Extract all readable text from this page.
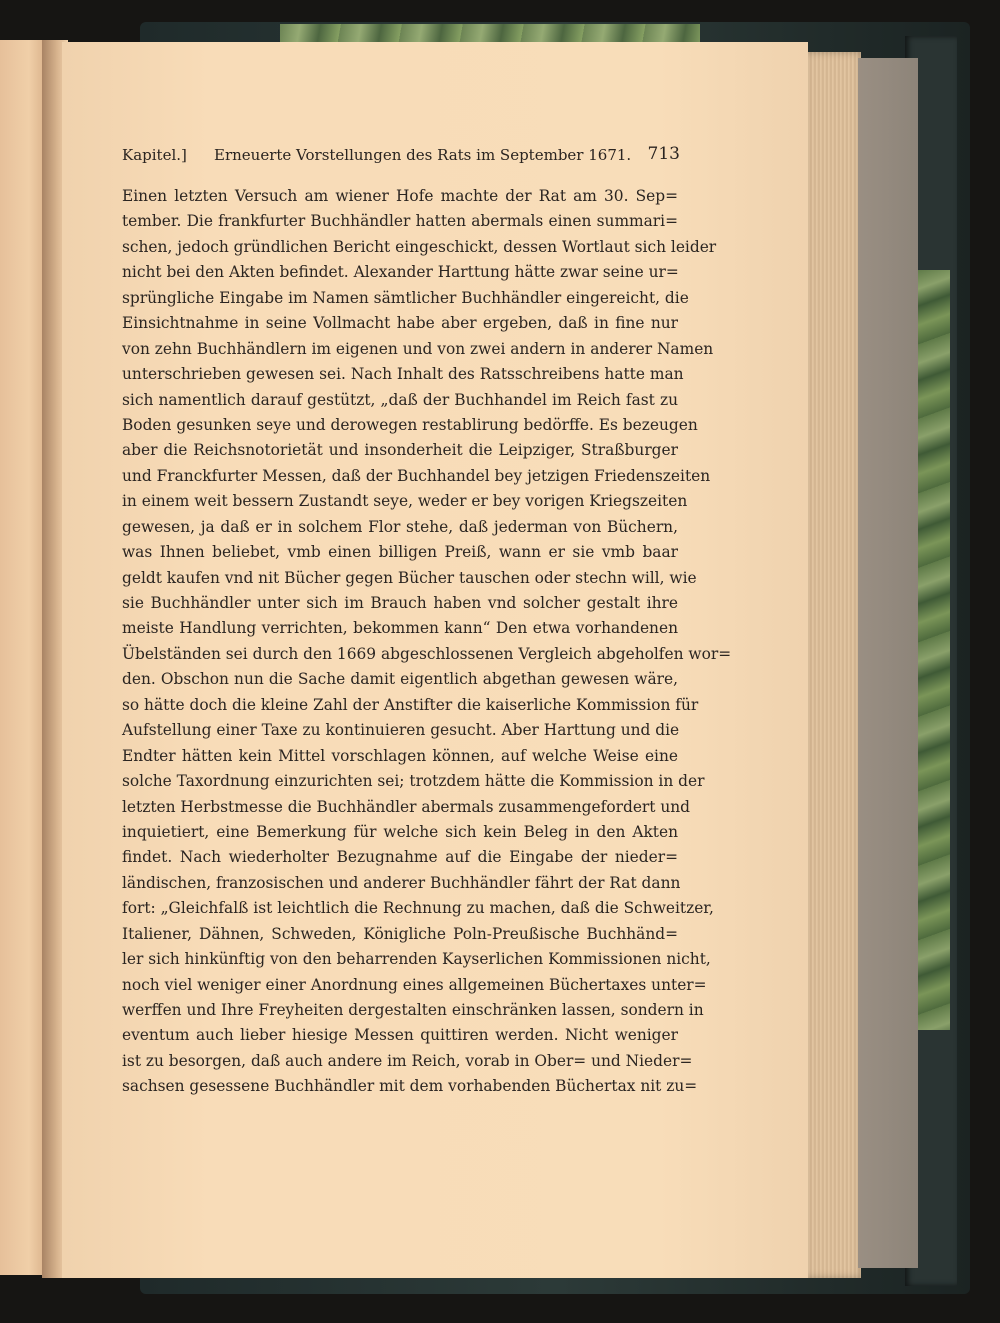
Kapitel.] Erneuerte Vorstellungen des Rats im September 1671. 713
Einen letzten Versuch am wiener Hofe machte der Rat am 30. Sep=
tember. Die frankfurter Buchhändler hatten abermals einen summari=
schen, jedoch gründlichen Bericht eingeschickt, dessen Wortlaut sich leider
nicht bei den Akten befindet. Alexander Harttung hätte zwar seine ur=
sprüngliche Eingabe im Namen sämtlicher Buchhändler eingereicht, die
Einsichtnahme in seine Vollmacht habe aber ergeben, daß in fine nur
von zehn Buchhändlern im eigenen und von zwei andern in anderer Namen
unterschrieben gewesen sei. Nach Inhalt des Ratsschreibens hatte man
sich namentlich darauf gestützt, „daß der Buchhandel im Reich fast zu
Boden gesunken seye und derowegen restablirung bedörffe. Es bezeugen
aber die Reichsnotorietät und insonderheit die Leipziger, Straßburger
und Franckfurter Messen, daß der Buchhandel bey jetzigen Friedenszeiten
in einem weit bessern Zustandt seye, weder er bey vorigen Kriegszeiten
gewesen, ja daß er in solchem Flor stehe, daß jederman von Büchern,
was Ihnen beliebet, vmb einen billigen Preiß, wann er sie vmb baar
geldt kaufen vnd nit Bücher gegen Bücher tauschen oder stechn will, wie
sie Buchhändler unter sich im Brauch haben vnd solcher gestalt ihre
meiste Handlung verrichten, bekommen kann“ Den etwa vorhandenen
Übelständen sei durch den 1669 abgeschlossenen Vergleich abgeholfen wor=
den. Obschon nun die Sache damit eigentlich abgethan gewesen wäre,
so hätte doch die kleine Zahl der Anstifter die kaiserliche Kommission für
Aufstellung einer Taxe zu kontinuieren gesucht. Aber Harttung und die
Endter hätten kein Mittel vorschlagen können, auf welche Weise eine
solche Taxordnung einzurichten sei; trotzdem hätte die Kommission in der
letzten Herbstmesse die Buchhändler abermals zusammengefordert und
inquietiert, eine Bemerkung für welche sich kein Beleg in den Akten
findet. Nach wiederholter Bezugnahme auf die Eingabe der nieder=
ländischen, franzosischen und anderer Buchhändler fährt der Rat dann
fort: „Gleichfalß ist leichtlich die Rechnung zu machen, daß die Schweitzer,
Italiener, Dähnen, Schweden, Königliche Poln-Preußische Buchhänd=
ler sich hinkünftig von den beharrenden Kayserlichen Kommissionen nicht,
noch viel weniger einer Anordnung eines allgemeinen Büchertaxes unter=
werffen und Ihre Freyheiten dergestalten einschränken lassen, sondern in
eventum auch lieber hiesige Messen quittiren werden. Nicht weniger
ist zu besorgen, daß auch andere im Reich, vorab in Ober= und Nieder=
sachsen gesessene Buchhändler mit dem vorhabenden Büchertax nit zu=
